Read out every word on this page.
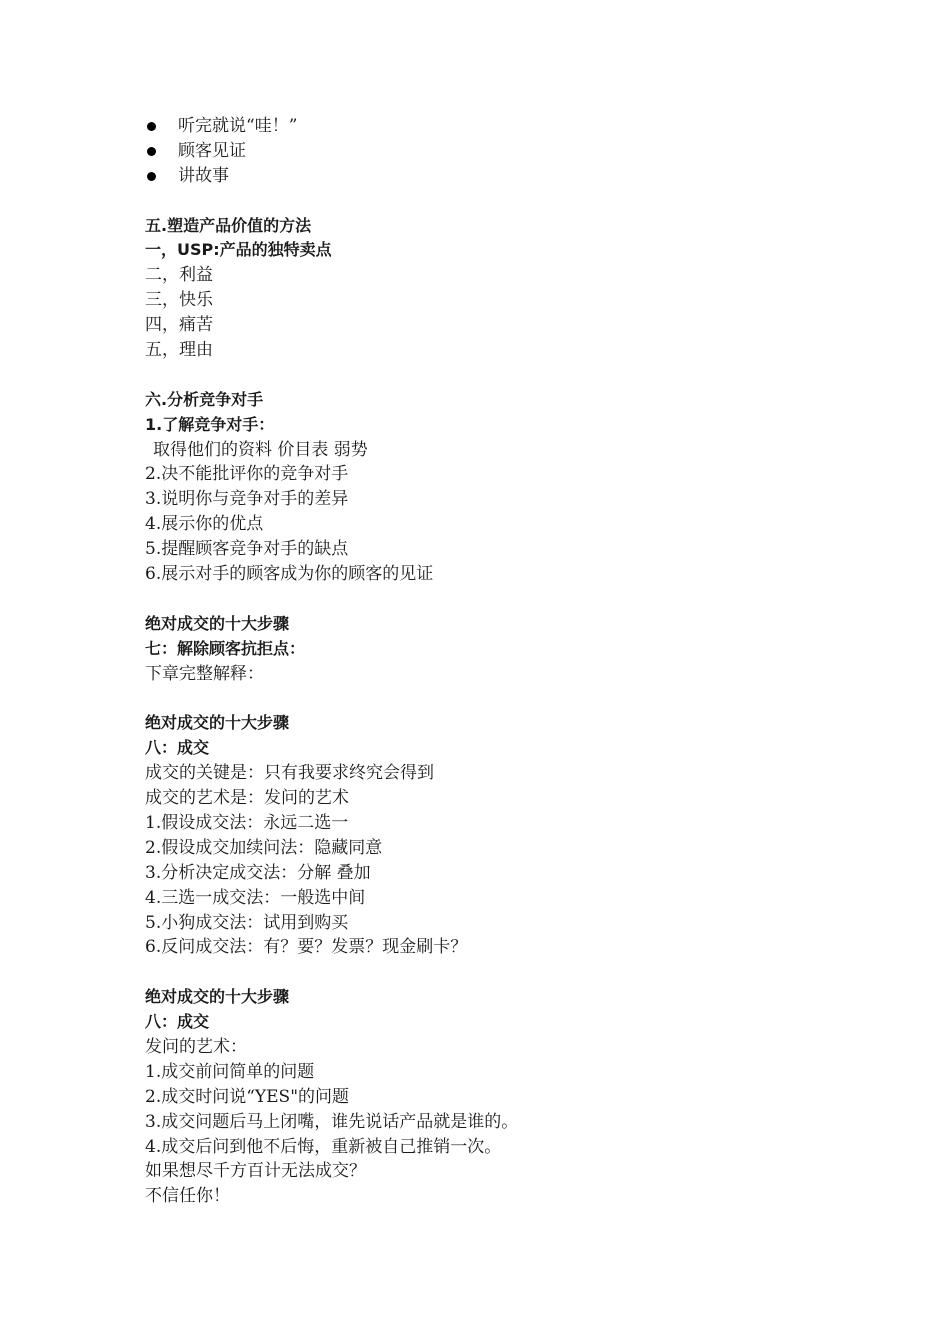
听完就说“哇！”
顾客见证
讲故事
五.塑造产品价值的方法
一，USP:产品的独特卖点
二，利益
三，快乐
四，痛苦
五，理由
六.分析竞争对手
1.了解竞争对手：
取得他们的资料 价目表 弱势
2.决不能批评你的竞争对手
3.说明你与竞争对手的差异
4.展示你的优点
5.提醒顾客竞争对手的缺点
6.展示对手的顾客成为你的顾客的见证
绝对成交的十大步骤
七：解除顾客抗拒点：
下章完整解释：
绝对成交的十大步骤
八：成交
成交的关键是：只有我要求终究会得到
成交的艺术是：发问的艺术
1.假设成交法：永远二选一
2.假设成交加续问法：隐藏同意
3.分析决定成交法：分解 叠加
4.三选一成交法：一般选中间
5.小狗成交法：试用到购买
6.反问成交法：有？要？发票？现金刷卡？
绝对成交的十大步骤
八：成交
发问的艺术：
1.成交前问简单的问题
2.成交时问说“YES"的问题
3.成交问题后马上闭嘴，谁先说话产品就是谁的。
4.成交后问到他不后悔，重新被自己推销一次。
如果想尽千方百计无法成交？
不信任你！
